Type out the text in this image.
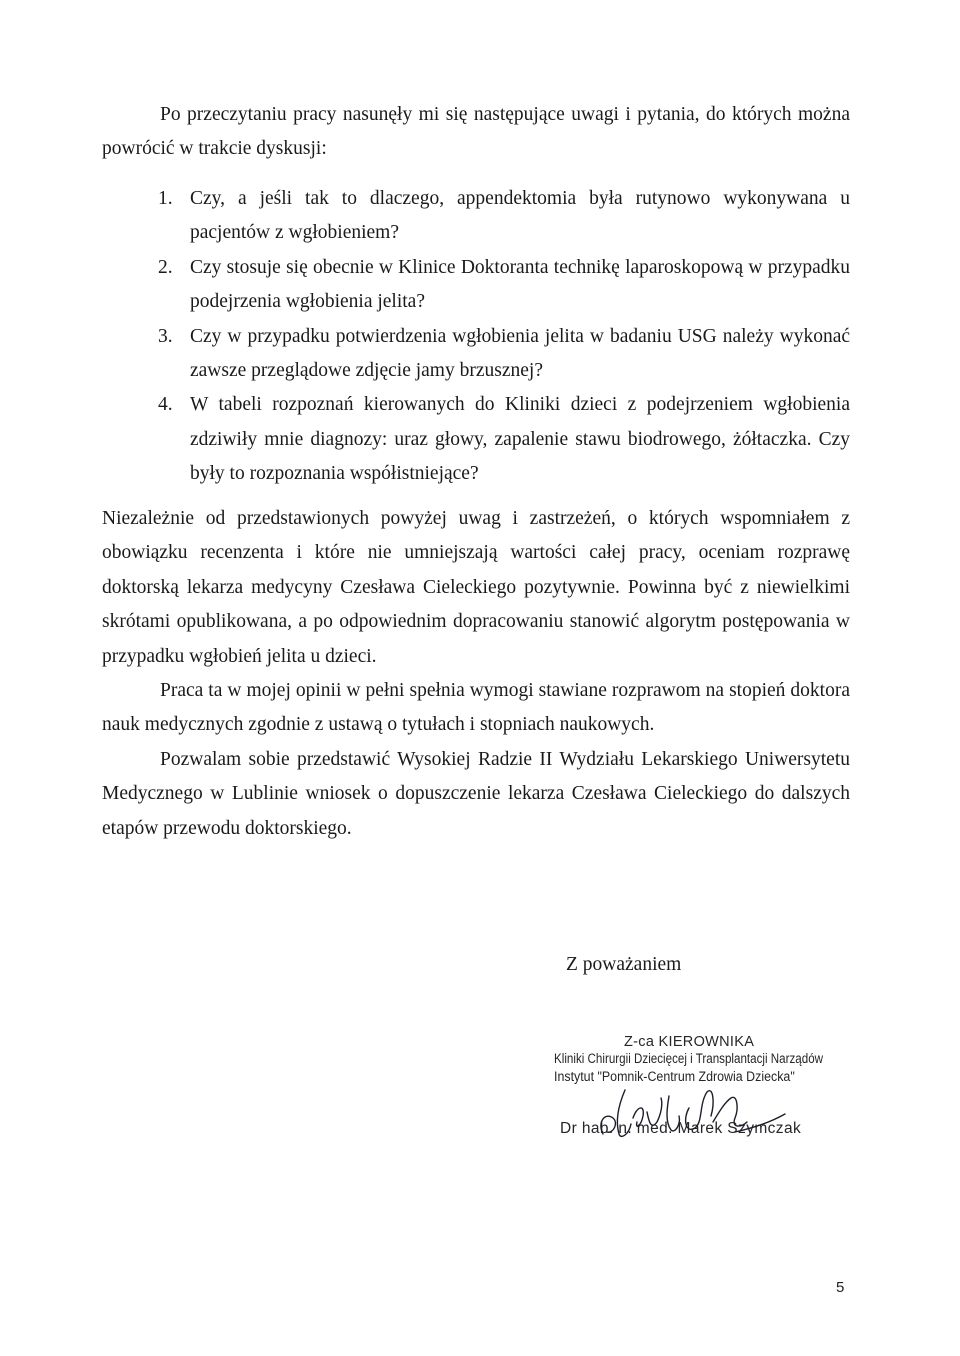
Po przeczytaniu pracy nasunęły mi się następujące uwagi i pytania, do których można powrócić w trakcie dyskusji:

1. Czy, a jeśli tak to dlaczego, appendektomia była rutynowo wykonywana u pacjentów z wgłobieniem?
2. Czy stosuje się obecnie w Klinice Doktoranta technikę laparoskopową w przypadku podejrzenia wgłobienia jelita?
3. Czy w przypadku potwierdzenia wgłobienia jelita w badaniu USG należy wykonać zawsze przeglądowe zdjęcie jamy brzusznej?
4. W tabeli rozpoznań kierowanych do Kliniki dzieci z podejrzeniem wgłobienia zdziwiły mnie diagnozy: uraz głowy, zapalenie stawu biodrowego, żółtaczka. Czy były to rozpoznania współistniejące?

Niezależnie od przedstawionych powyżej uwag i zastrzeżeń, o których wspomniałem z obowiązku recenzenta i które nie umniejszają wartości całej pracy, oceniam rozprawę doktorską lekarza medycyny Czesława Cieleckiego pozytywnie. Powinna być z niewielkimi skrótami opublikowana, a po odpowiednim dopracowaniu stanowić algorytm postępowania w przypadku wgłobień jelita u dzieci.

Praca ta w mojej opinii w pełni spełnia wymogi stawiane rozprawom na stopień doktora nauk medycznych zgodnie z ustawą o tytułach i stopniach naukowych.

Pozwalam sobie przedstawić Wysokiej Radzie II Wydziału Lekarskiego Uniwersytetu Medycznego w Lublinie wniosek o dopuszczenie lekarza Czesława Cieleckiego do dalszych etapów przewodu doktorskiego.

Z poważaniem
Z-ca KIEROWNIKA
Kliniki Chirurgii Dziecięcej i Transplantacji Narządów
Instytut "Pomnik-Centrum Zdrowia Dziecka"
Dr hab. n. med. Marek Szymczak
5
